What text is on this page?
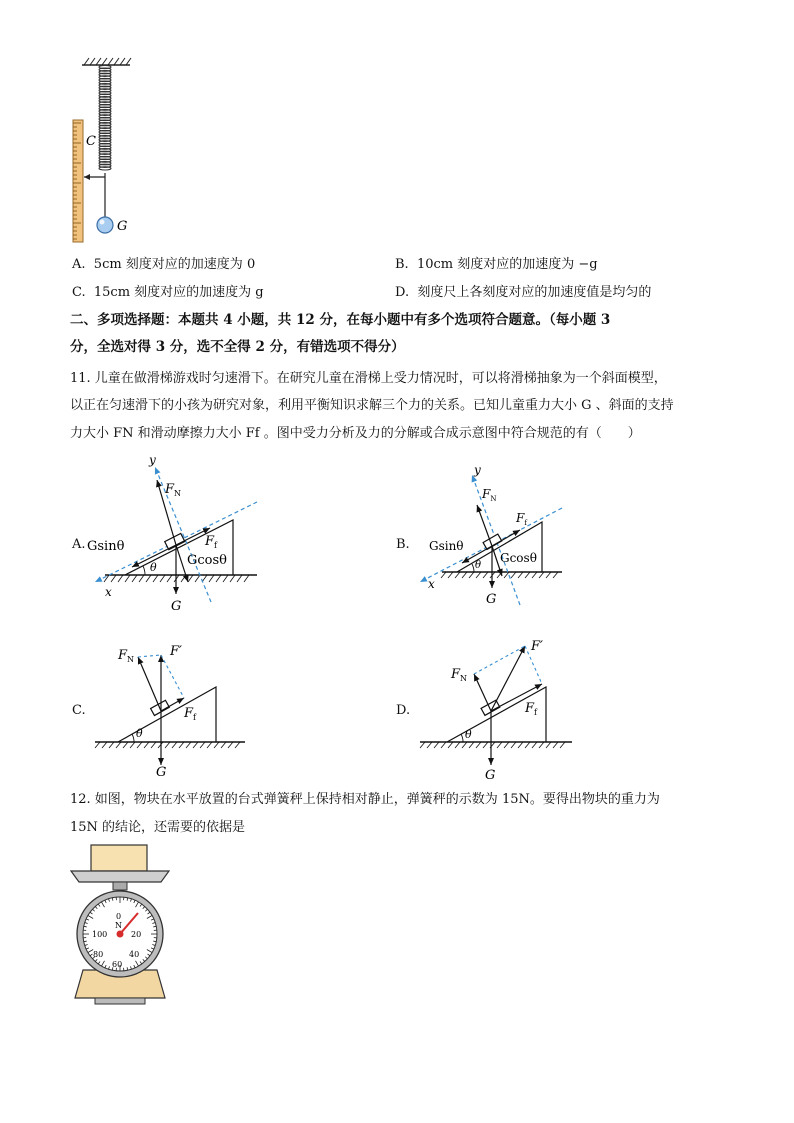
C
G
A. 5cm 刻度对应的加速度为 0	B. 10cm 刻度对应的加速度为 −g
C. 15cm 刻度对应的加速度为 g	D. 刻度尺上各刻度对应的加速度值是均匀的
二、多项选择题：本题共 4 小题，共 12 分，在每小题中有多个选项符合题意。（每小题 3
分，全选对得 3 分，选不全得 2 分，有错选项不得分）
11. 儿童在做滑梯游戏时匀速滑下。在研究儿童在滑梯上受力情况时，可以将滑梯抽象为一个斜面模型，
以正在匀速滑下的小孩为研究对象，利用平衡知识求解三个力的关系。已知儿童重力大小 G 、斜面的支持
力大小 FN 和滑动摩擦力大小 Ff 。图中受力分析及力的分解或合成示意图中符合规范的有（　　）
A.	B.
C.	D.
y
x
$F_N$
$F_f$
Gsinθ
Gcosθ
θ
G
y
x
$F_N$
$F_f$
Gsinθ
Gcosθ
θ
G
$F_N$
F′
$F_f$
θ
G
$F_N$
F′
$F_f$
θ
G
12. 如图，物块在水平放置的台式弹簧秤上保持相对静止，弹簧秤的示数为 15N。要得出物块的重力为
15N 的结论，还需要的依据是
0
N
20
40
60
80
100
